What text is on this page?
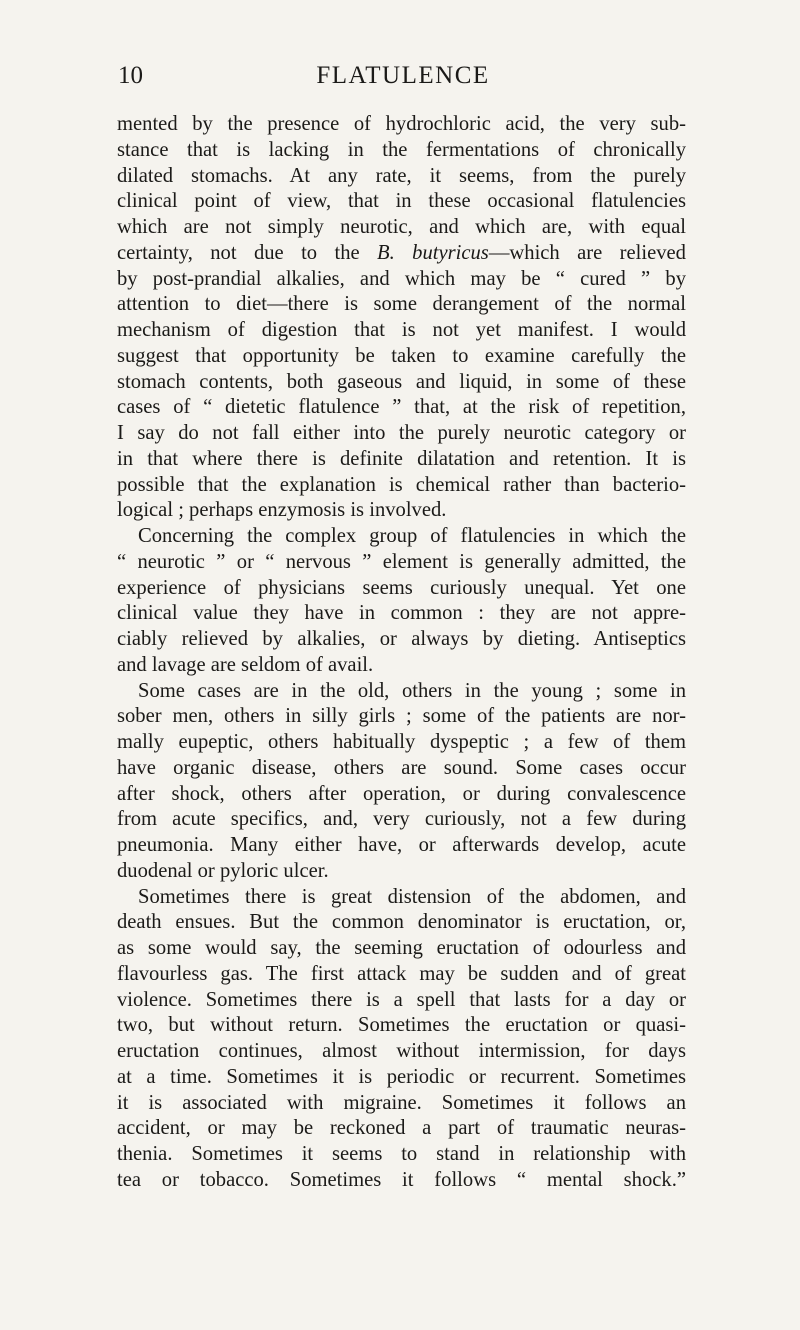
10	FLATULENCE
mented by the presence of hydrochloric acid, the very sub-
stance that is lacking in the fermentations of chronically
dilated stomachs. At any rate, it seems, from the purely
clinical point of view, that in these occasional flatulencies
which are not simply neurotic, and which are, with equal
certainty, not due to the B. butyricus—which are relieved
by post-prandial alkalies, and which may be “ cured ” by
attention to diet—there is some derangement of the normal
mechanism of digestion that is not yet manifest. I would
suggest that opportunity be taken to examine carefully the
stomach contents, both gaseous and liquid, in some of these
cases of “ dietetic flatulence ” that, at the risk of repetition,
I say do not fall either into the purely neurotic category or
in that where there is definite dilatation and retention. It is
possible that the explanation is chemical rather than bacterio-
logical ; perhaps enzymosis is involved.
Concerning the complex group of flatulencies in which the
“ neurotic ” or “ nervous ” element is generally admitted, the
experience of physicians seems curiously unequal. Yet one
clinical value they have in common : they are not appre-
ciably relieved by alkalies, or always by dieting. Antiseptics
and lavage are seldom of avail.
Some cases are in the old, others in the young ; some in
sober men, others in silly girls ; some of the patients are nor-
mally eupeptic, others habitually dyspeptic ; a few of them
have organic disease, others are sound. Some cases occur
after shock, others after operation, or during convalescence
from acute specifics, and, very curiously, not a few during
pneumonia. Many either have, or afterwards develop, acute
duodenal or pyloric ulcer.
Sometimes there is great distension of the abdomen, and
death ensues. But the common denominator is eructation, or,
as some would say, the seeming eructation of odourless and
flavourless gas. The first attack may be sudden and of great
violence. Sometimes there is a spell that lasts for a day or
two, but without return. Sometimes the eructation or quasi-
eructation continues, almost without intermission, for days
at a time. Sometimes it is periodic or recurrent. Sometimes
it is associated with migraine. Sometimes it follows an
accident, or may be reckoned a part of traumatic neuras-
thenia. Sometimes it seems to stand in relationship with
tea or tobacco. Sometimes it follows “ mental shock.”
